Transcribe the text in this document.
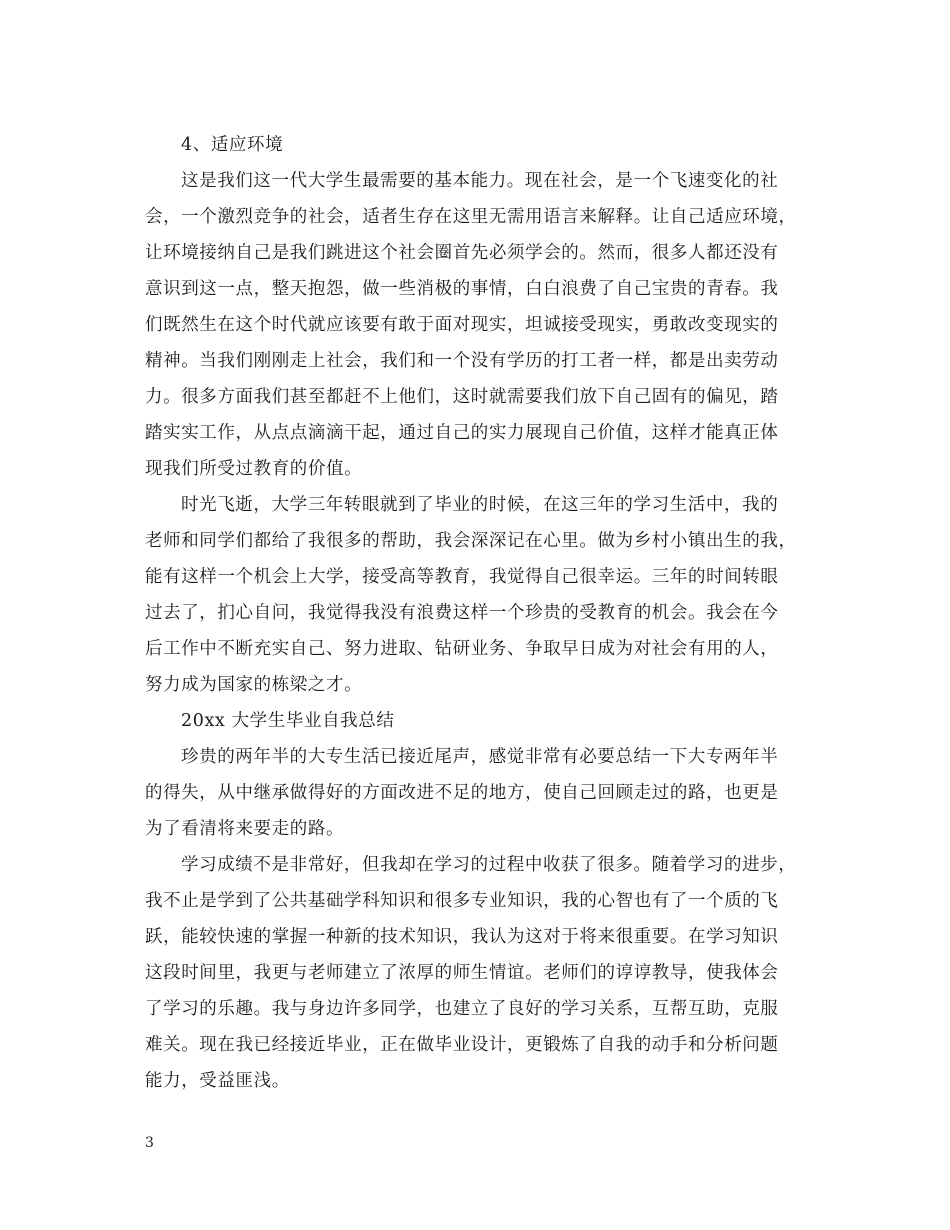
4、适应环境
这是我们这一代大学生最需要的基本能力。现在社会，是一个飞速变化的社
会，一个激烈竞争的社会，适者生存在这里无需用语言来解释。让自己适应环境，
让环境接纳自己是我们跳进这个社会圈首先必须学会的。然而，很多人都还没有
意识到这一点，整天抱怨，做一些消极的事情，白白浪费了自己宝贵的青春。我
们既然生在这个时代就应该要有敢于面对现实，坦诚接受现实，勇敢改变现实的
精神。当我们刚刚走上社会，我们和一个没有学历的打工者一样，都是出卖劳动
力。很多方面我们甚至都赶不上他们，这时就需要我们放下自己固有的偏见，踏
踏实实工作，从点点滴滴干起，通过自己的实力展现自己价值，这样才能真正体
现我们所受过教育的价值。
时光飞逝，大学三年转眼就到了毕业的时候，在这三年的学习生活中，我的
老师和同学们都给了我很多的帮助，我会深深记在心里。做为乡村小镇出生的我，
能有这样一个机会上大学，接受高等教育，我觉得自己很幸运。三年的时间转眼
过去了，扪心自问，我觉得我没有浪费这样一个珍贵的受教育的机会。我会在今
后工作中不断充实自己、努力进取、钻研业务、争取早日成为对社会有用的人，
努力成为国家的栋梁之才。
20xx 大学生毕业自我总结
珍贵的两年半的大专生活已接近尾声，感觉非常有必要总结一下大专两年半
的得失，从中继承做得好的方面改进不足的地方，使自己回顾走过的路，也更是
为了看清将来要走的路。
学习成绩不是非常好，但我却在学习的过程中收获了很多。随着学习的进步，
我不止是学到了公共基础学科知识和很多专业知识，我的心智也有了一个质的飞
跃，能较快速的掌握一种新的技术知识，我认为这对于将来很重要。在学习知识
这段时间里，我更与老师建立了浓厚的师生情谊。老师们的谆谆教导，使我体会
了学习的乐趣。我与身边许多同学，也建立了良好的学习关系，互帮互助，克服
难关。现在我已经接近毕业，正在做毕业设计，更锻炼了自我的动手和分析问题
能力，受益匪浅。
3
